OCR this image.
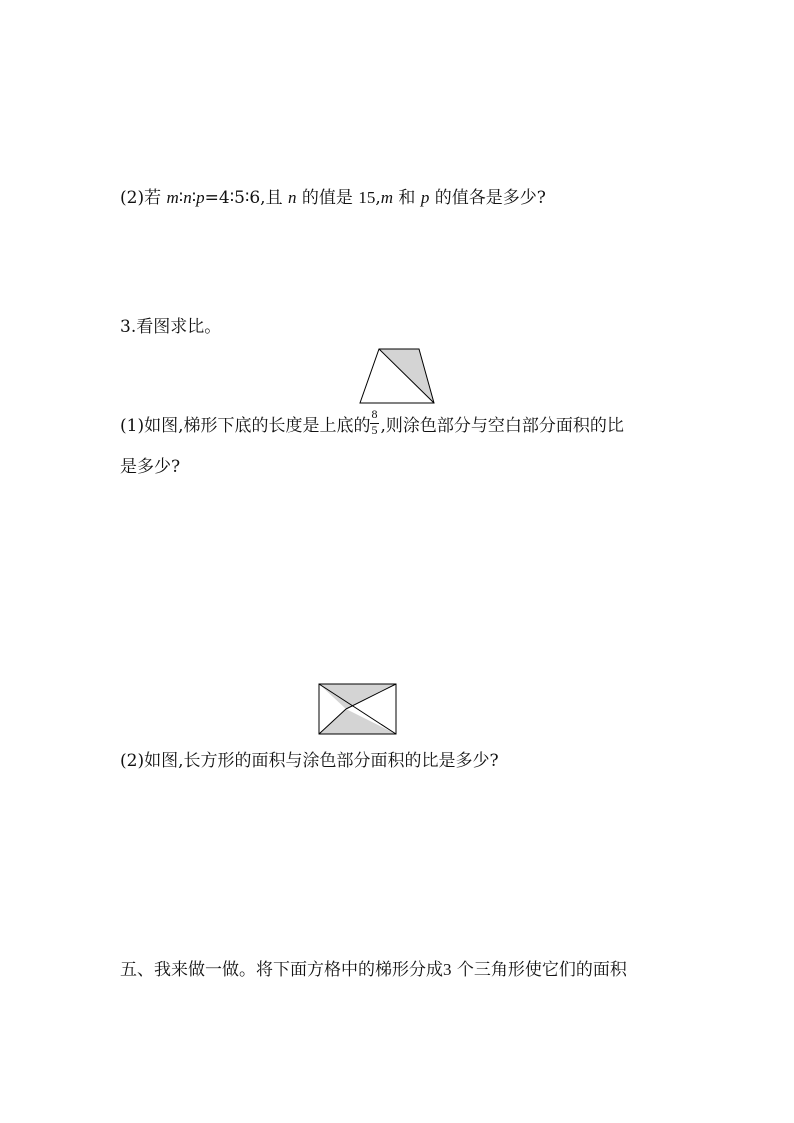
(2)若 m∶n∶p=4∶5∶6,且 n 的值是 15,m 和 p 的值各是多少?
3.看图求比。
(1)如图,梯形下底的长度是上底的 $\frac{8}{5}$ ,则涂色部分与空白部分面积的比
是多少?
(2)如图,长方形的面积与涂色部分面积的比是多少?
五、我来做一做。将下面方格中的梯形分成3 个三角形使它们的面积
